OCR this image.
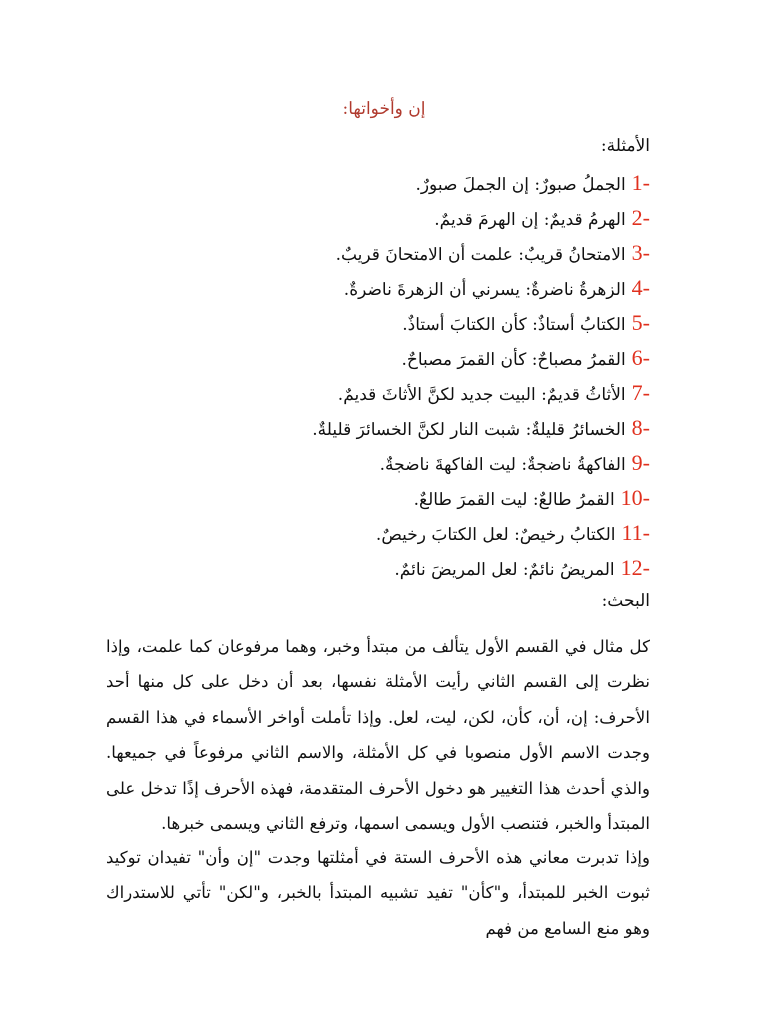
إن وأخواتها:
الأمثلة:
1-الجملُ صبورٌ: إن الجملَ صبورٌ.
2-الهرمُ قديمٌ: إن الهرمَ قديمٌ.
3-الامتحانُ قريبٌ: علمت أن الامتحانَ قريبٌ.
4-الزهرةُ ناضرةٌ: يسرني أن الزهرةَ ناضرةٌ.
5-الكتابُ أستاذٌ: كأن الكتابَ أستاذٌ.
6-القمرُ مصباحٌ: كأن القمرَ مصباحٌ.
7-الأثاثُ قديمٌ: البيت جديد لكنَّ الأثاثَ قديمٌ.
8-الخسائرُ قليلةٌ: شبت النار لكنَّ الخسائرَ قليلةٌ.
9-الفاكهةُ ناضجةٌ: ليت الفاكهةَ ناضجةٌ.
10-القمرُ طالعٌ: ليت القمرَ طالعٌ.
11-الكتابُ رخيصٌ: لعل الكتابَ رخيصٌ.
12-المريضُ نائمٌ: لعل المريضَ نائمٌ.
البحث:

كل مثال في القسم الأول يتألف من مبتدأ وخبر، وهما مرفوعان كما علمت، وإذا نظرت إلى القسم الثاني رأيت الأمثلة نفسها، بعد أن دخل على كل منها أحد الأحرف: إن، أن، كأن، لكن، ليت، لعل. وإذا تأملت أواخر الأسماء في هذا القسم وجدت الاسم الأول منصوبا في كل الأمثلة، والاسم الثاني مرفوعاً في جميعها. والذي أحدث هذا التغيير هو دخول الأحرف المتقدمة، فهذه الأحرف إذًا تدخل على المبتدأ والخبر، فتنصب الأول ويسمى اسمها، وترفع الثاني ويسمى خبرها.

وإذا تدبرت معاني هذه الأحرف الستة في أمثلتها وجدت "إن وأن" تفيدان توكيد ثبوت الخبر للمبتدأ، و"كأن" تفيد تشبيه المبتدأ بالخبر، و"لكن" تأتي للاستدراك وهو منع السامع من فهم
